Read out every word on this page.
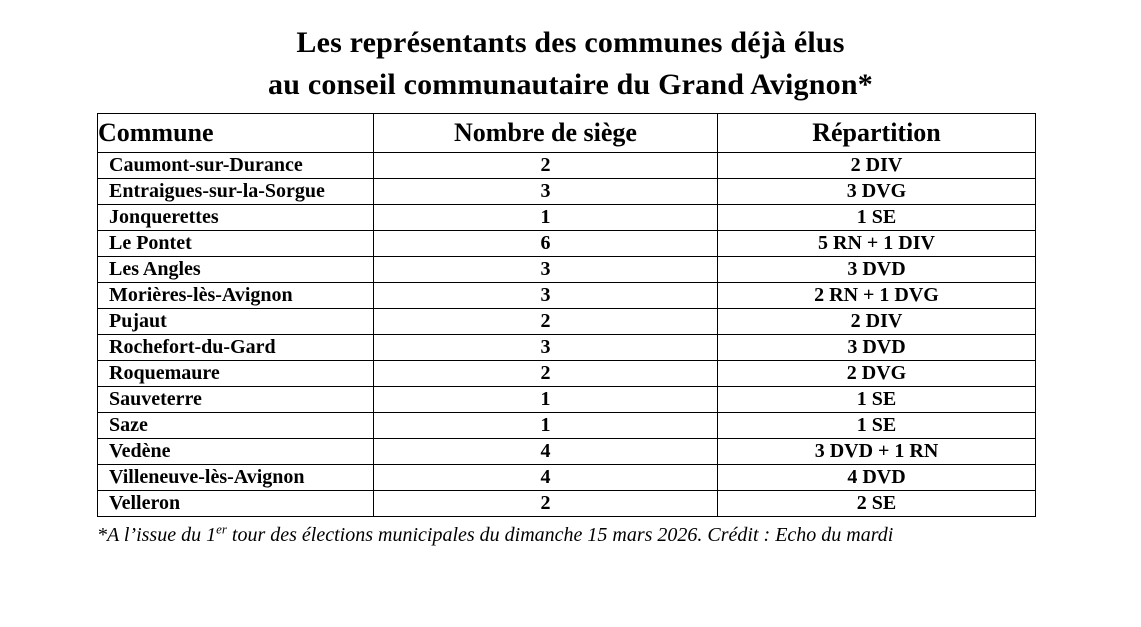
Les représentants des communes déjà élus
au conseil communautaire du Grand Avignon*
Commune	Nombre de siège	Répartition
Caumont-sur-Durance	2	2 DIV
Entraigues-sur-la-Sorgue	3	3 DVG
Jonquerettes	1	1 SE
Le Pontet	6	5 RN + 1 DIV
Les Angles	3	3 DVD
Morières-lès-Avignon	3	2 RN + 1 DVG
Pujaut	2	2 DIV
Rochefort-du-Gard	3	3 DVD
Roquemaure	2	2 DVG
Sauveterre	1	1 SE
Saze	1	1 SE
Vedène	4	3 DVD + 1 RN
Villeneuve-lès-Avignon	4	4 DVD
Velleron	2	2 SE
*A l’issue du 1er tour des élections municipales du dimanche 15 mars 2026. Crédit : Echo du mardi
